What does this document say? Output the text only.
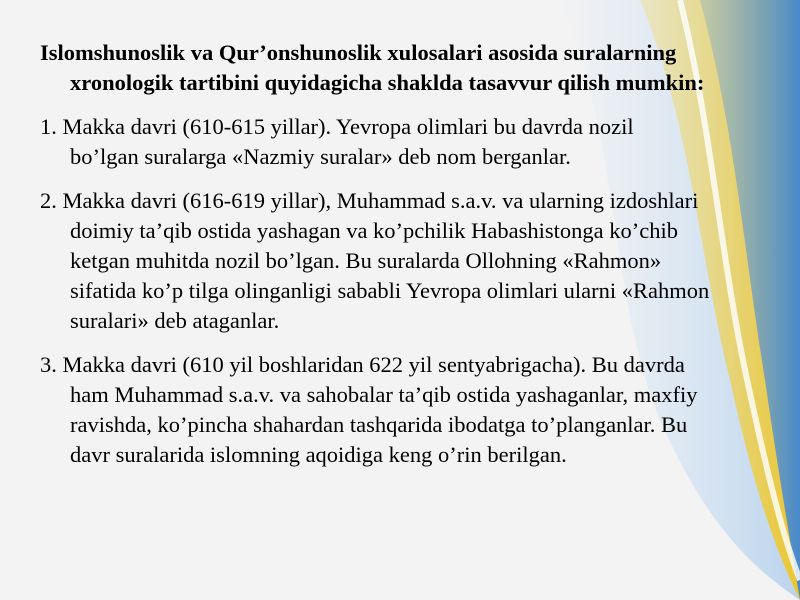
Islomshunoslik va Qur’onshunoslik xulosalari asosida suralarning
xronologik tartibini quyidagicha shaklda tasavvur qilish mumkin:
1. Makka davri (610-615 yillar). Yevropa olimlari bu davrda nozil
bo’lgan suralarga «Nazmiy suralar» deb nom berganlar.
2. Makka davri (616-619 yillar), Muhammad s.a.v. va ularning izdoshlari
doimiy ta’qib ostida yashagan va ko’pchilik Habashistonga ko’chib
ketgan muhitda nozil bo’lgan. Bu suralarda Ollohning «Rahmon»
sifatida ko’p tilga olinganligi sababli Yevropa olimlari ularni «Rahmon
suralari» deb ataganlar.
3. Makka davri (610 yil boshlaridan 622 yil sentyabrigacha). Bu davrda
ham Muhammad s.a.v. va sahobalar ta’qib ostida yashaganlar, maxfiy
ravishda, ko’pincha shahardan tashqarida ibodatga to’planganlar. Bu
davr suralarida islomning aqoidiga keng o’rin berilgan.
